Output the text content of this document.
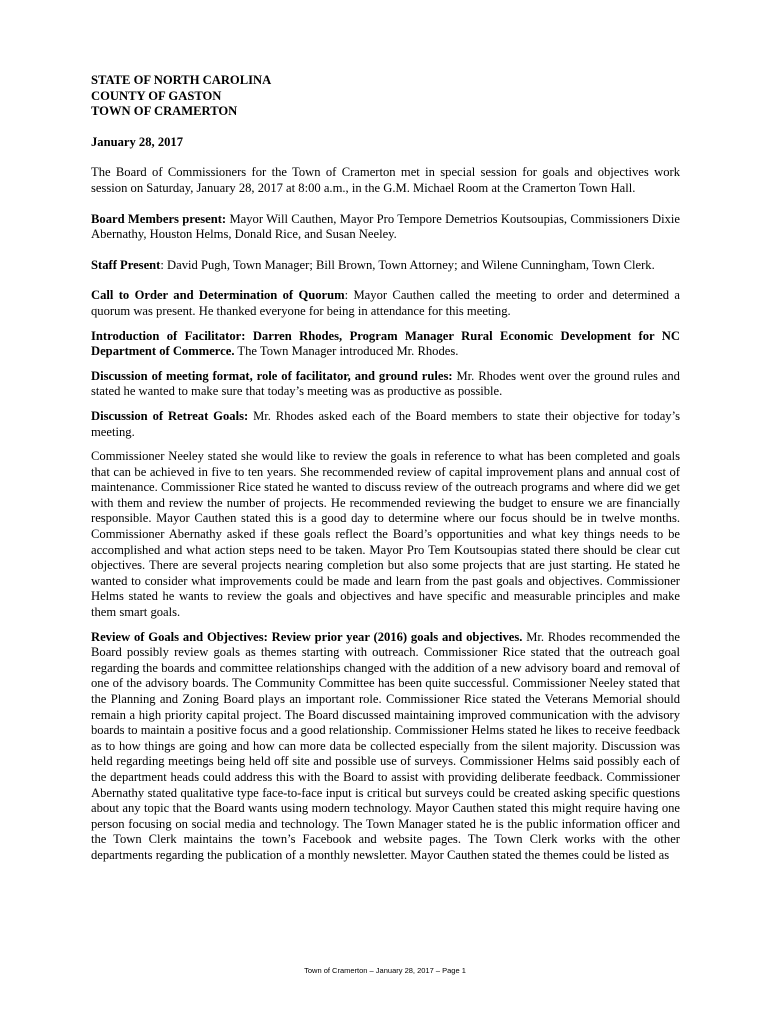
STATE OF NORTH CAROLINA
COUNTY OF GASTON
TOWN OF CRAMERTON
January 28, 2017

The Board of Commissioners for the Town of Cramerton met in special session for goals and objectives work session on Saturday, January 28, 2017 at 8:00 a.m., in the G.M. Michael Room at the Cramerton Town Hall.

Board Members present: Mayor Will Cauthen, Mayor Pro Tempore Demetrios Koutsoupias, Commissioners Dixie Abernathy, Houston Helms, Donald Rice, and Susan Neeley.

Staff Present: David Pugh, Town Manager; Bill Brown, Town Attorney; and Wilene Cunningham, Town Clerk.

Call to Order and Determination of Quorum: Mayor Cauthen called the meeting to order and determined a quorum was present. He thanked everyone for being in attendance for this meeting.

Introduction of Facilitator: Darren Rhodes, Program Manager Rural Economic Development for NC Department of Commerce. The Town Manager introduced Mr. Rhodes.

Discussion of meeting format, role of facilitator, and ground rules: Mr. Rhodes went over the ground rules and stated he wanted to make sure that today’s meeting was as productive as possible.

Discussion of Retreat Goals: Mr. Rhodes asked each of the Board members to state their objective for today’s meeting.

Commissioner Neeley stated she would like to review the goals in reference to what has been completed and goals that can be achieved in five to ten years. She recommended review of capital improvement plans and annual cost of maintenance. Commissioner Rice stated he wanted to discuss review of the outreach programs and where did we get with them and review the number of projects. He recommended reviewing the budget to ensure we are financially responsible. Mayor Cauthen stated this is a good day to determine where our focus should be in twelve months. Commissioner Abernathy asked if these goals reflect the Board’s opportunities and what key things needs to be accomplished and what action steps need to be taken. Mayor Pro Tem Koutsoupias stated there should be clear cut objectives. There are several projects nearing completion but also some projects that are just starting. He stated he wanted to consider what improvements could be made and learn from the past goals and objectives. Commissioner Helms stated he wants to review the goals and objectives and have specific and measurable principles and make them smart goals.

Review of Goals and Objectives: Review prior year (2016) goals and objectives. Mr. Rhodes recommended the Board possibly review goals as themes starting with outreach. Commissioner Rice stated that the outreach goal regarding the boards and committee relationships changed with the addition of a new advisory board and removal of one of the advisory boards. The Community Committee has been quite successful. Commissioner Neeley stated that the Planning and Zoning Board plays an important role. Commissioner Rice stated the Veterans Memorial should remain a high priority capital project. The Board discussed maintaining improved communication with the advisory boards to maintain a positive focus and a good relationship. Commissioner Helms stated he likes to receive feedback as to how things are going and how can more data be collected especially from the silent majority. Discussion was held regarding meetings being held off site and possible use of surveys. Commissioner Helms said possibly each of the department heads could address this with the Board to assist with providing deliberate feedback. Commissioner Abernathy stated qualitative type face-to-face input is critical but surveys could be created asking specific questions about any topic that the Board wants using modern technology. Mayor Cauthen stated this might require having one person focusing on social media and technology. The Town Manager stated he is the public information officer and the Town Clerk maintains the town’s Facebook and website pages. The Town Clerk works with the other departments regarding the publication of a monthly newsletter. Mayor Cauthen stated the themes could be listed as

Town of Cramerton – January 28, 2017 – Page 1
